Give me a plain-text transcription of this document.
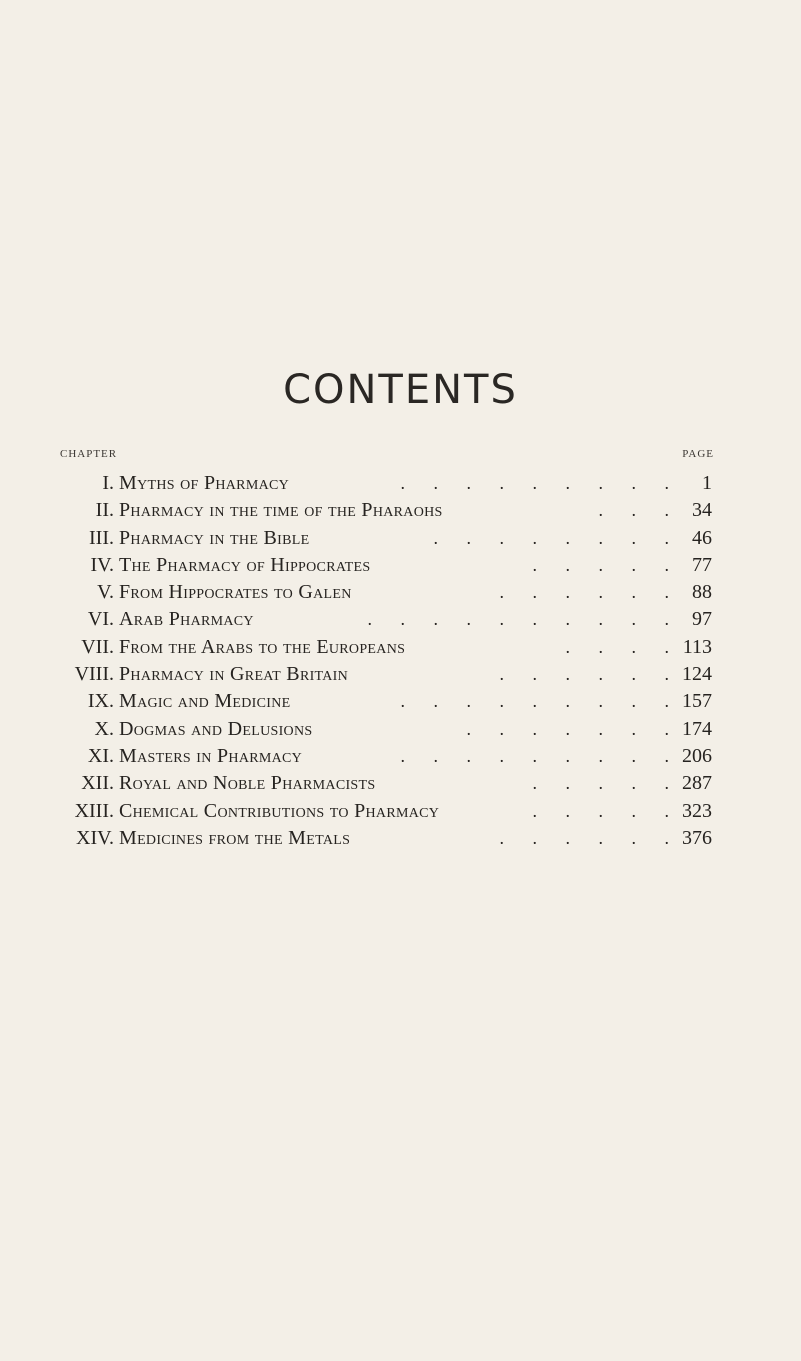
CONTENTS
CHAPTER	PAGE
I. Myths of Pharmacy	. . . . . . . . . 1
II. Pharmacy in the time of the Pharaohs	. . . 34
III. Pharmacy in the Bible	. . . . . . . . 46
IV. The Pharmacy of Hippocrates	. . . . . 77
V. From Hippocrates to Galen	. . . . . . 88
VI. Arab Pharmacy	. . . . . . . . . . 97
VII. From the Arabs to the Europeans	. . . . 113
VIII. Pharmacy in Great Britain	. . . . . . 124
IX. Magic and Medicine	. . . . . . . . . 157
X. Dogmas and Delusions	. . . . . . . 174
XI. Masters in Pharmacy	. . . . . . . . . 206
XII. Royal and Noble Pharmacists	. . . . . 287
XIII. Chemical Contributions to Pharmacy	. . . . . 323
XIV. Medicines from the Metals	. . . . . . 376
